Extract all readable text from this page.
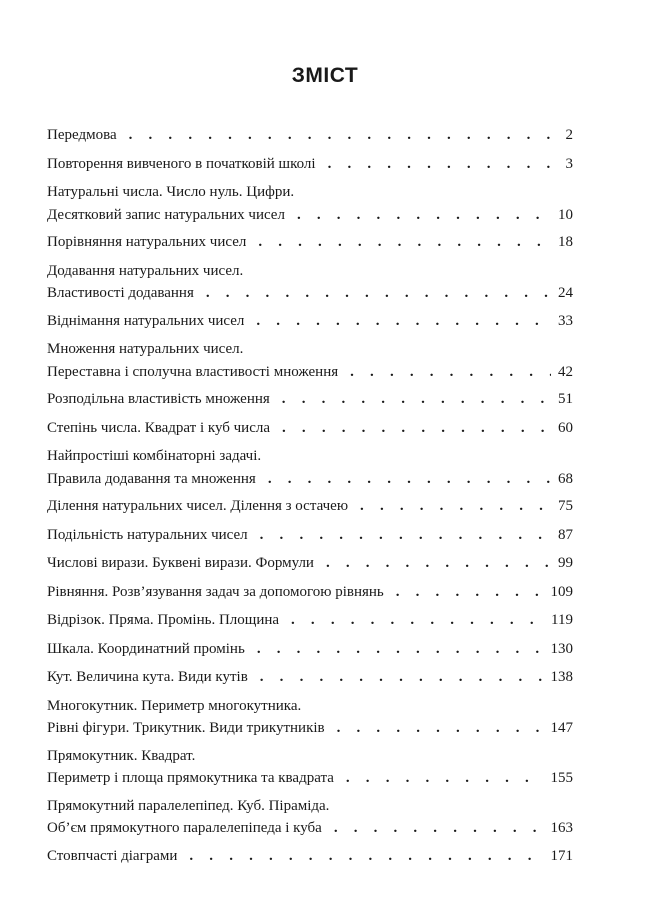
ЗМІСТ
Передмова . . .	2
Повторення вивченого в початковій школі . . .	3
Натуральні числа. Число нуль. Цифри.
Десятковий запис натуральних чисел . . .	10
Порівняння натуральних чисел . . .	18
Додавання натуральних чисел.
Властивості додавання . . .	24
Віднімання натуральних чисел . . .	33
Множення натуральних чисел.
Переставна і сполучна властивості множення . . .	42
Розподільна властивість множення . . .	51
Степінь числа. Квадрат і куб числа . . .	60
Найпростіші комбінаторні задачі.
Правила додавання та множення . . .	68
Ділення натуральних чисел. Ділення з остачею . . .	75
Подільність натуральних чисел . . .	87
Числові вирази. Буквені вирази. Формули . . .	99
Рівняння. Розв’язування задач за допомогою рівнянь . . .	109
Відрізок. Пряма. Промінь. Площина . . .	119
Шкала. Координатний промінь . . .	130
Кут. Величина кута. Види кутів . . .	138
Многокутник. Периметр многокутника.
Рівні фігури. Трикутник. Види трикутників . . .	147
Прямокутник. Квадрат.
Периметр і площа прямокутника та квадрата . . .	155
Прямокутний паралелепіпед. Куб. Піраміда.
Об’єм прямокутного паралелепіпеда і куба . . .	163
Стовпчасті діаграми . . .	171
